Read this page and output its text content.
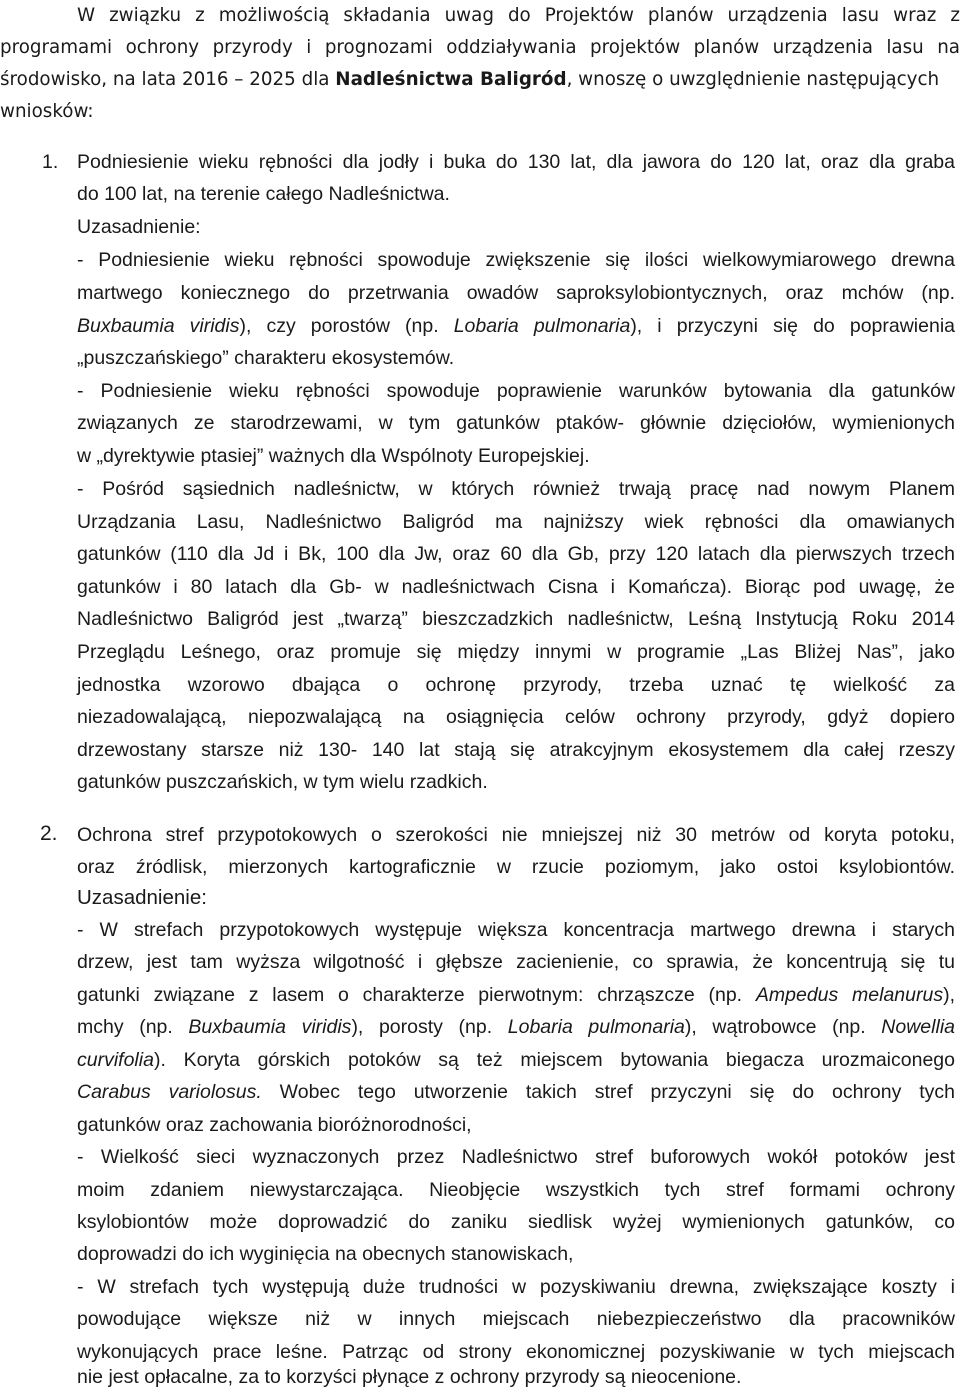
W związku z możliwością składania uwag do Projektów planów urządzenia lasu wraz z
programami ochrony przyrody i prognozami oddziaływania projektów planów urządzenia lasu na
środowisko, na lata 2016 – 2025 dla Nadleśnictwa Baligród, wnoszę o uwzględnienie następujących
wniosków:
1. Podniesienie wieku rębności dla jodły i buka do 130 lat, dla jawora do 120 lat, oraz dla graba
do 100 lat, na terenie całego Nadleśnictwa.
Uzasadnienie:
- Podniesienie wieku rębności spowoduje zwiększenie się ilości wielkowymiarowego drewna
martwego koniecznego do przetrwania owadów saproksylobiontycznych, oraz mchów (np.
Buxbaumia viridis), czy porostów (np. Lobaria pulmonaria), i przyczyni się do poprawienia
„puszczańskiego” charakteru ekosystemów.
- Podniesienie wieku rębności spowoduje poprawienie warunków bytowania dla gatunków
związanych ze starodrzewami, w tym gatunków ptaków- głównie dzięciołów, wymienionych
w „dyrektywie ptasiej” ważnych dla Wspólnoty Europejskiej.
- Pośród sąsiednich nadleśnictw, w których również trwają pracę nad nowym Planem
Urządzania Lasu, Nadleśnictwo Baligród ma najniższy wiek rębności dla omawianych
gatunków (110 dla Jd i Bk, 100 dla Jw, oraz 60 dla Gb, przy 120 latach dla pierwszych trzech
gatunków i 80 latach dla Gb- w nadleśnictwach Cisna i Komańcza). Biorąc pod uwagę, że
Nadleśnictwo Baligród jest „twarzą” bieszczadzkich nadleśnictw, Leśną Instytucją Roku 2014
Przeglądu Leśnego, oraz promuje się między innymi w programie „Las Bliżej Nas”, jako
jednostka wzorowo dbająca o ochronę przyrody, trzeba uznać tę wielkość za
niezadowalającą, niepozwalającą na osiągnięcia celów ochrony przyrody, gdyż dopiero
drzewostany starsze niż 130- 140 lat stają się atrakcyjnym ekosystemem dla całej rzeszy
gatunków puszczańskich, w tym wielu rzadkich.
2. Ochrona stref przypotokowych o szerokości nie mniejszej niż 30 metrów od koryta potoku,
oraz źródlisk, mierzonych kartograficznie w rzucie poziomym, jako ostoi ksylobiontów.
Uzasadnienie:
- W strefach przypotokowych występuje większa koncentracja martwego drewna i starych
drzew, jest tam wyższa wilgotność i głębsze zacienienie, co sprawia, że koncentrują się tu
gatunki związane z lasem o charakterze pierwotnym: chrząszcze (np. Ampedus melanurus),
mchy (np. Buxbaumia viridis), porosty (np. Lobaria pulmonaria), wątrobowce (np. Nowellia
curvifolia). Koryta górskich potoków są też miejscem bytowania biegacza urozmaiconego
Carabus variolosus. Wobec tego utworzenie takich stref przyczyni się do ochrony tych
gatunków oraz zachowania bioróżnorodności,
- Wielkość sieci wyznaczonych przez Nadleśnictwo stref buforowych wokół potoków jest
moim zdaniem niewystarczająca. Nieobjęcie wszystkich tych stref formami ochrony
ksylobiontów może doprowadzić do zaniku siedlisk wyżej wymienionych gatunków, co
doprowadzi do ich wyginięcia na obecnych stanowiskach,
- W strefach tych występują duże trudności w pozyskiwaniu drewna, zwiększające koszty i
powodujące większe niż w innych miejscach niebezpieczeństwo dla pracowników
wykonujących prace leśne. Patrząc od strony ekonomicznej pozyskiwanie w tych miejscach
nie jest opłacalne, za to korzyści płynące z ochrony przyrody są nieocenione.
